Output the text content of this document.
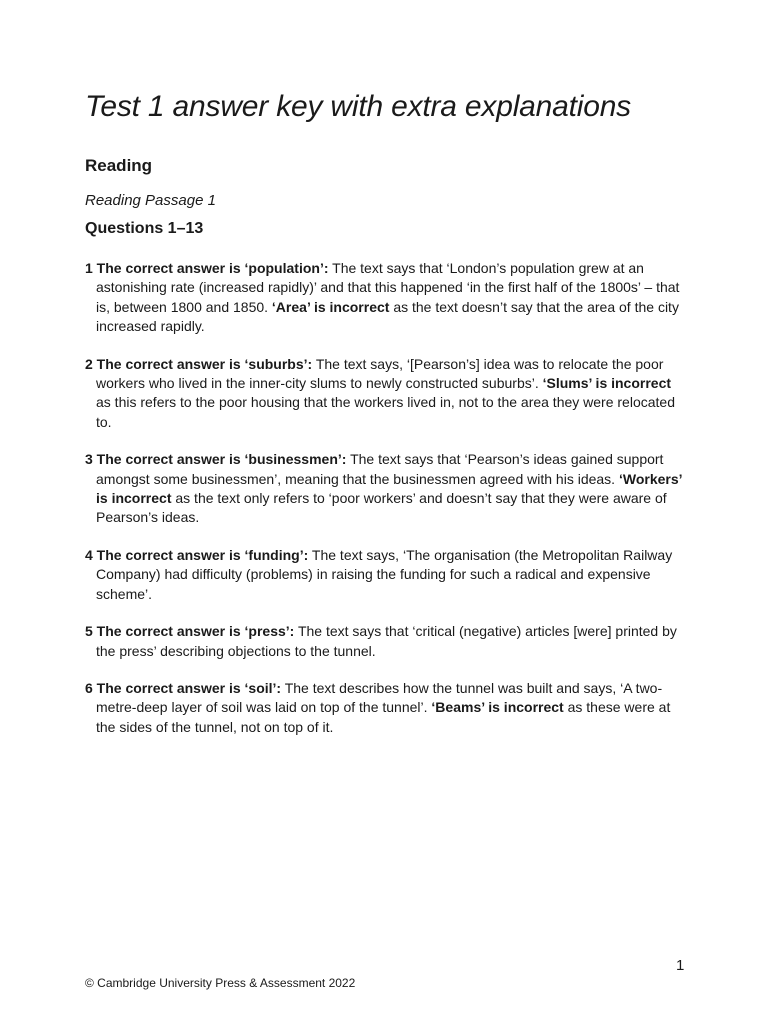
Test 1 answer key with extra explanations
Reading

Reading Passage 1

Questions 1–13
1 The correct answer is ‘population’: The text says that ‘London’s population grew at an astonishing rate (increased rapidly)’ and that this happened ‘in the first half of the 1800s’ – that is, between 1800 and 1850. ‘Area’ is incorrect as the text doesn’t say that the area of the city increased rapidly.
2 The correct answer is ‘suburbs’: The text says, ‘[Pearson’s] idea was to relocate the poor workers who lived in the inner-city slums to newly constructed suburbs’. ‘Slums’ is incorrect as this refers to the poor housing that the workers lived in, not to the area they were relocated to.
3 The correct answer is ‘businessmen’: The text says that ‘Pearson’s ideas gained support amongst some businessmen’, meaning that the businessmen agreed with his ideas. ‘Workers’ is incorrect as the text only refers to ‘poor workers’ and doesn’t say that they were aware of Pearson’s ideas.
4 The correct answer is ‘funding’: The text says, ‘The organisation (the Metropolitan Railway Company) had difficulty (problems) in raising the funding for such a radical and expensive scheme’.
5 The correct answer is ‘press’: The text says that ‘critical (negative) articles [were] printed by the press’ describing objections to the tunnel.
6 The correct answer is ‘soil’: The text describes how the tunnel was built and says, ‘A two-metre-deep layer of soil was laid on top of the tunnel’. ‘Beams’ is incorrect as these were at the sides of the tunnel, not on top of it.

1

© Cambridge University Press & Assessment 2022
